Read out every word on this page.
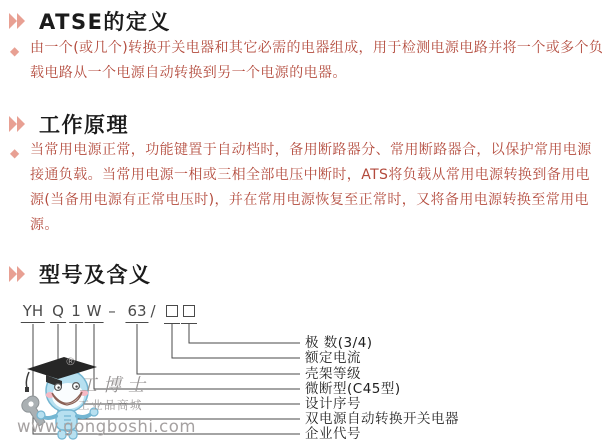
ATSE的定义
◆ 由一个(或几个)转换开关电器和其它必需的电器组成，用于检测电源电路并将一个或多个负
载电路从一个电源自动转换到另一个电源的电器。
工作原理
◆ 当常用电源正常，功能键置于自动档时，备用断路器分、常用断路器合，以保护常用电源
接通负载。当常用电源一相或三相全部电压中断时，ATS将负载从常用电源转换到备用电
源(当备用电源有正常电压时)，并在常用电源恢复至正常时，又将备用电源转换至常用电
源。
型号及含义
YH Q 1 W – 63 /
极 数(3/4)
额定电流
壳架等级
微断型(C45型)
设计序号
双电源自动转换开关电器
企业代号
®
工博士
工业品商城
www.gongboshi.com
